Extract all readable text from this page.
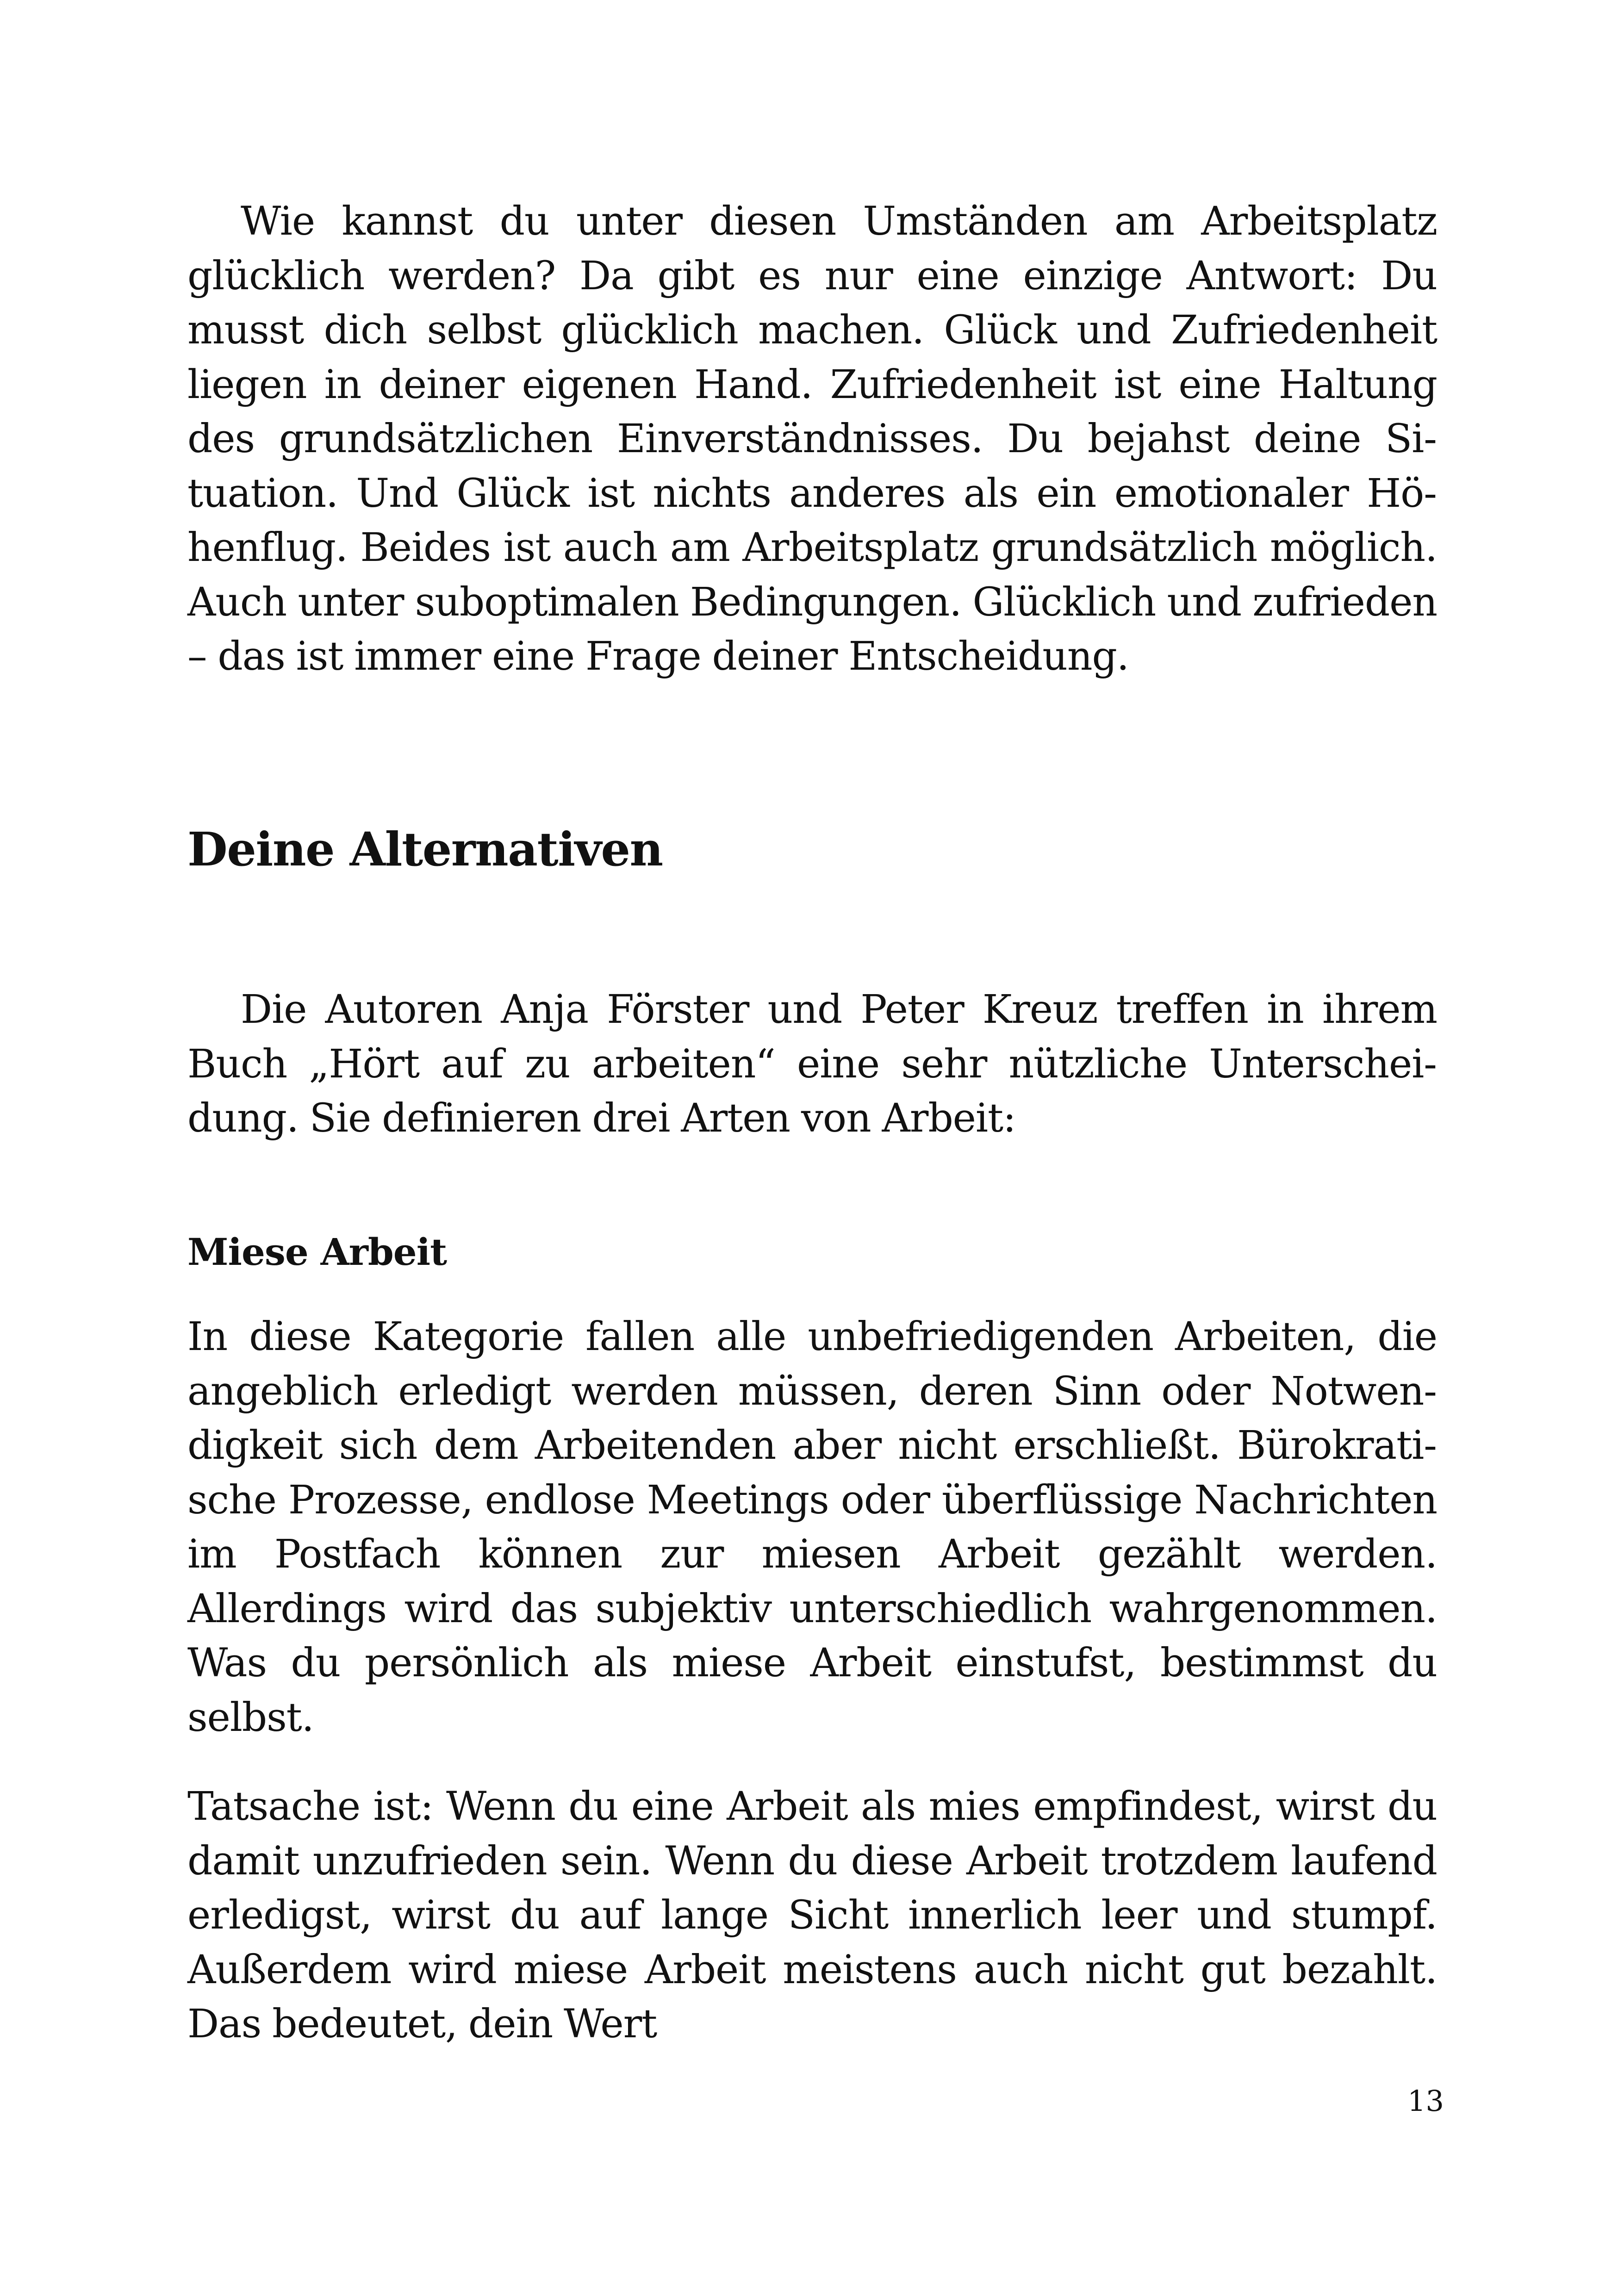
Wie kannst du unter diesen Umständen am Arbeitsplatz glücklich werden? Da gibt es nur eine einzige Antwort: Du musst dich selbst glücklich machen. Glück und Zufriedenheit liegen in deiner eigenen Hand. Zufriedenheit ist eine Haltung des grundsätzlichen Einverständnisses. Du bejahst deine Situation. Und Glück ist nichts anderes als ein emotionaler Höhenflug. Beides ist auch am Arbeitsplatz grundsätzlich möglich. Auch unter suboptimalen Bedingungen. Glücklich und zufrieden – das ist immer eine Frage deiner Entscheidung.

Deine Alternativen

Die Autoren Anja Förster und Peter Kreuz treffen in ihrem Buch „Hört auf zu arbeiten“ eine sehr nützliche Unterscheidung. Sie definieren drei Arten von Arbeit:

Miese Arbeit

In diese Kategorie fallen alle unbefriedigenden Arbeiten, die angeblich erledigt werden müssen, deren Sinn oder Notwendigkeit sich dem Arbeitenden aber nicht erschließt. Bürokratische Prozesse, endlose Meetings oder überflüssige Nachrichten im Postfach können zur miesen Arbeit gezählt werden. Allerdings wird das subjektiv unterschiedlich wahrgenommen. Was du persönlich als miese Arbeit einstufst, bestimmst du selbst.

Tatsache ist: Wenn du eine Arbeit als mies empfindest, wirst du damit unzufrieden sein. Wenn du diese Arbeit trotzdem laufend erledigst, wirst du auf lange Sicht innerlich leer und stumpf. Außerdem wird miese Arbeit meistens auch nicht gut bezahlt. Das bedeutet, dein Wert

13
